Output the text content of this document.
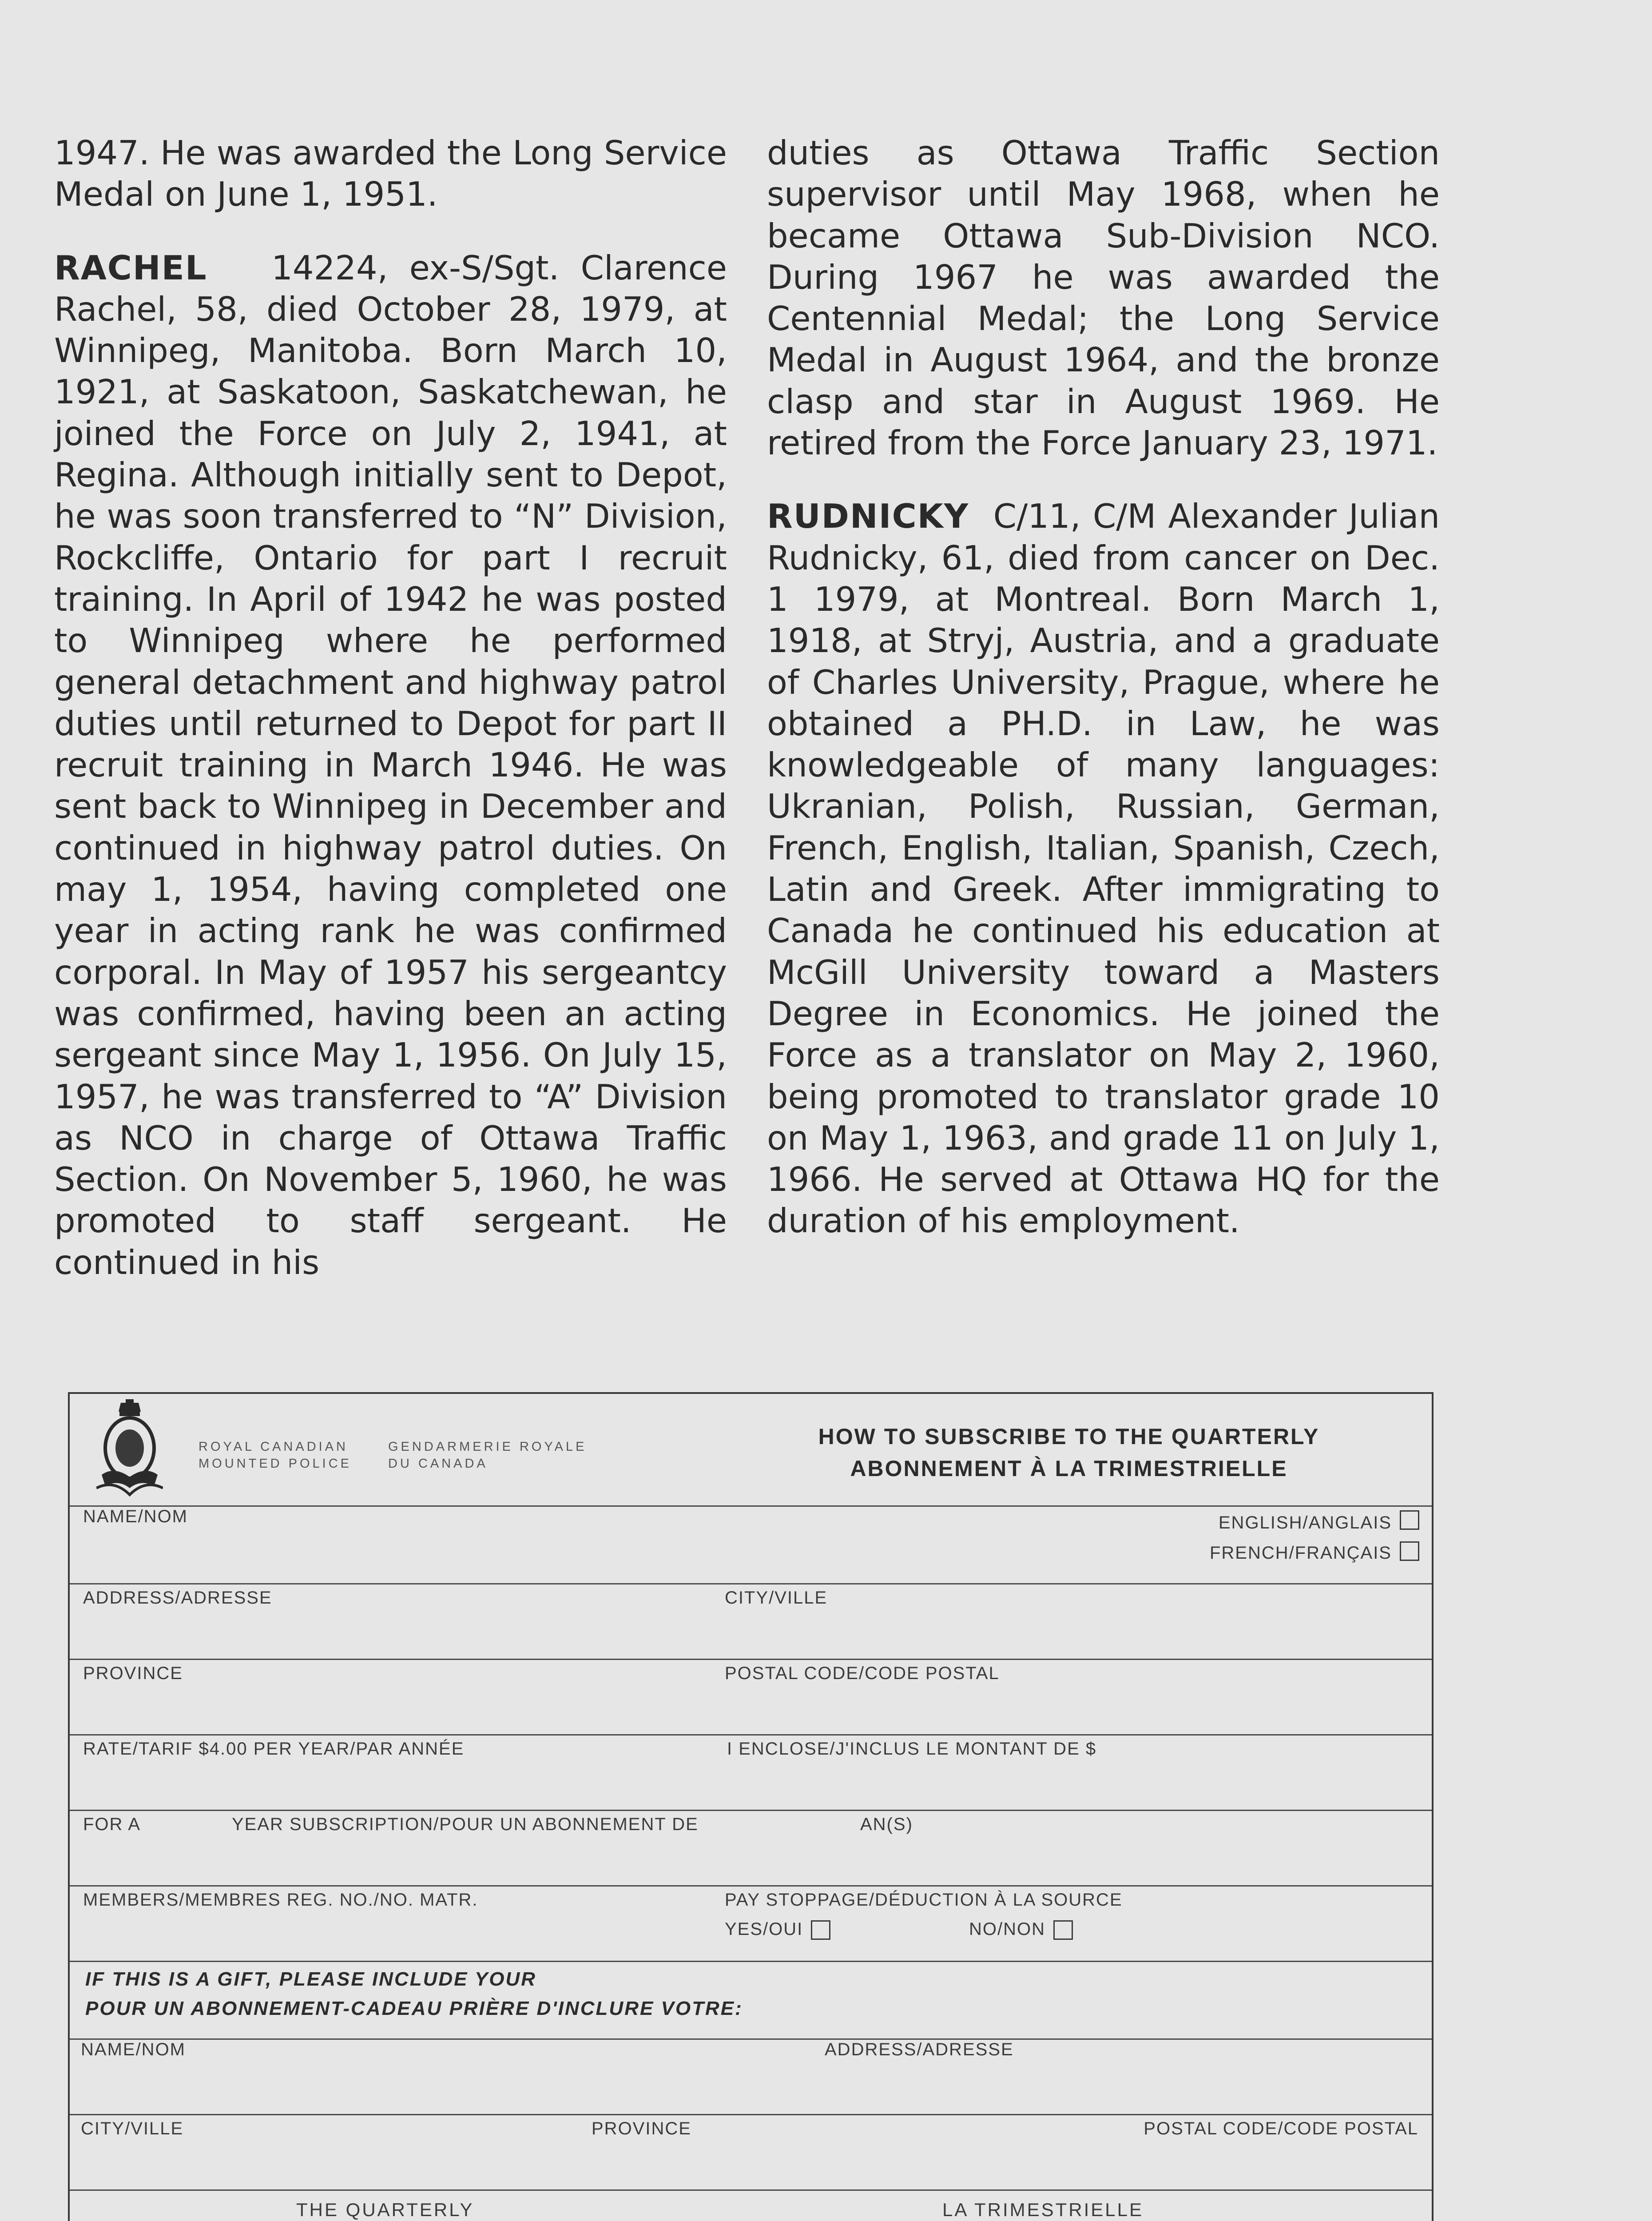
1947. He was awarded the Long Service Medal on June 1, 1951.

RACHEL 14224, ex-S/Sgt. Clarence Rachel, 58, died October 28, 1979, at Winnipeg, Manitoba. Born March 10, 1921, at Saskatoon, Saskatchewan, he joined the Force on July 2, 1941, at Regina. Although initially sent to Depot, he was soon transferred to “N” Division, Rockcliffe, Ontario for part I recruit training. In April of 1942 he was posted to Winnipeg where he performed general detachment and highway patrol duties until returned to Depot for part II recruit training in March 1946. He was sent back to Winnipeg in December and continued in highway patrol duties. On may 1, 1954, having completed one year in acting rank he was confirmed corporal. In May of 1957 his sergeantcy was confirmed, having been an acting sergeant since May 1, 1956. On July 15, 1957, he was transferred to “A” Division as NCO in charge of Ottawa Traffic Section. On November 5, 1960, he was promoted to staff sergeant. He continued in his

duties as Ottawa Traffic Section supervisor until May 1968, when he became Ottawa Sub-Division NCO. During 1967 he was awarded the Centennial Medal; the Long Service Medal in August 1964, and the bronze clasp and star in August 1969. He retired from the Force January 23, 1971.

RUDNICKY C/11, C/M Alexander Julian Rudnicky, 61, died from cancer on Dec. 1 1979, at Montreal. Born March 1, 1918, at Stryj, Austria, and a graduate of Charles University, Prague, where he obtained a PH.D. in Law, he was knowledgeable of many languages: Ukranian, Polish, Russian, German, French, English, Italian, Spanish, Czech, Latin and Greek. After immigrating to Canada he continued his education at McGill University toward a Masters Degree in Economics. He joined the Force as a translator on May 2, 1960, being promoted to translator grade 10 on May 1, 1963, and grade 11 on July 1, 1966. He served at Ottawa HQ for the duration of his employment.

ROYAL CANADIAN
MOUNTED POLICE
GENDARMERIE ROYALE
DU CANADA
HOW TO SUBSCRIBE TO THE QUARTERLY
ABONNEMENT À LA TRIMESTRIELLE
NAME/NOM	ENGLISH/ANGLAIS
FRENCH/FRANÇAIS
ADDRESS/ADRESSE	CITY/VILLE
PROVINCE	POSTAL CODE/CODE POSTAL
RATE/TARIF $4.00 PER YEAR/PAR ANNÉE	I ENCLOSE/J'INCLUS LE MONTANT DE $
FOR A	YEAR SUBSCRIPTION/POUR UN ABONNEMENT DE	AN(S)
MEMBERS/MEMBRES REG. NO./NO. MATR.	PAY STOPPAGE/DÉDUCTION À LA SOURCE
YES/OUI	NO/NON
IF THIS IS A GIFT, PLEASE INCLUDE YOUR
POUR UN ABONNEMENT-CADEAU PRIÈRE D'INCLURE VOTRE:
NAME/NOM	ADDRESS/ADRESSE
CITY/VILLE	PROVINCE	POSTAL CODE/CODE POSTAL
THE QUARTERLY	LA TRIMESTRIELLE
